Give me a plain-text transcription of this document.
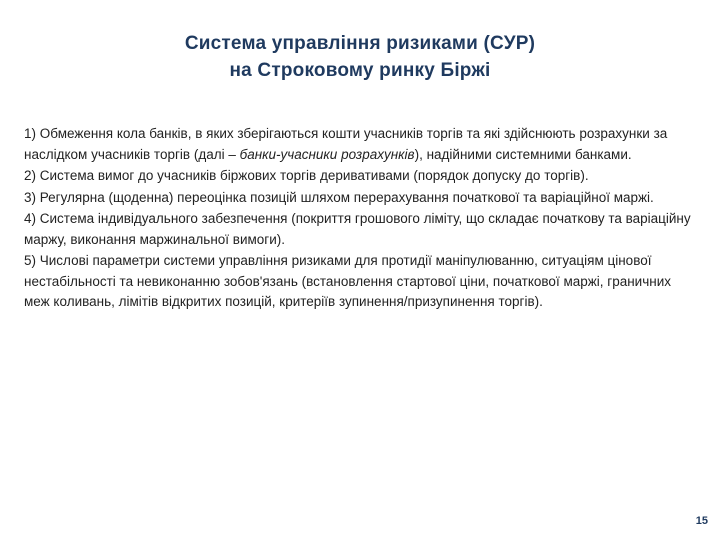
Система управління ризиками (СУР)
на Строковому ринку Біржі

1) Обмеження кола банків, в яких зберігаються кошти учасників торгів та які здійснюють розрахунки за наслідком учасників торгів (далі – банки-учасники розрахунків), надійними системними банками.

2) Система вимог до учасників біржових торгів деривативами (порядок допуску до торгів).

3) Регулярна (щоденна) переоцінка позицій шляхом перерахування початкової та варіаційної маржі.

4) Система індивідуального забезпечення (покриття грошового ліміту, що складає початкову та варіаційну маржу, виконання маржинальної вимоги).

5) Числові параметри системи управління ризиками для протидії маніпулюванню, ситуаціям цінової нестабільності та невиконанню зобов'язань (встановлення стартової ціни, початкової маржі, граничних меж коливань, лімітів відкритих позицій, критеріїв зупинення/призупинення торгів).

15
